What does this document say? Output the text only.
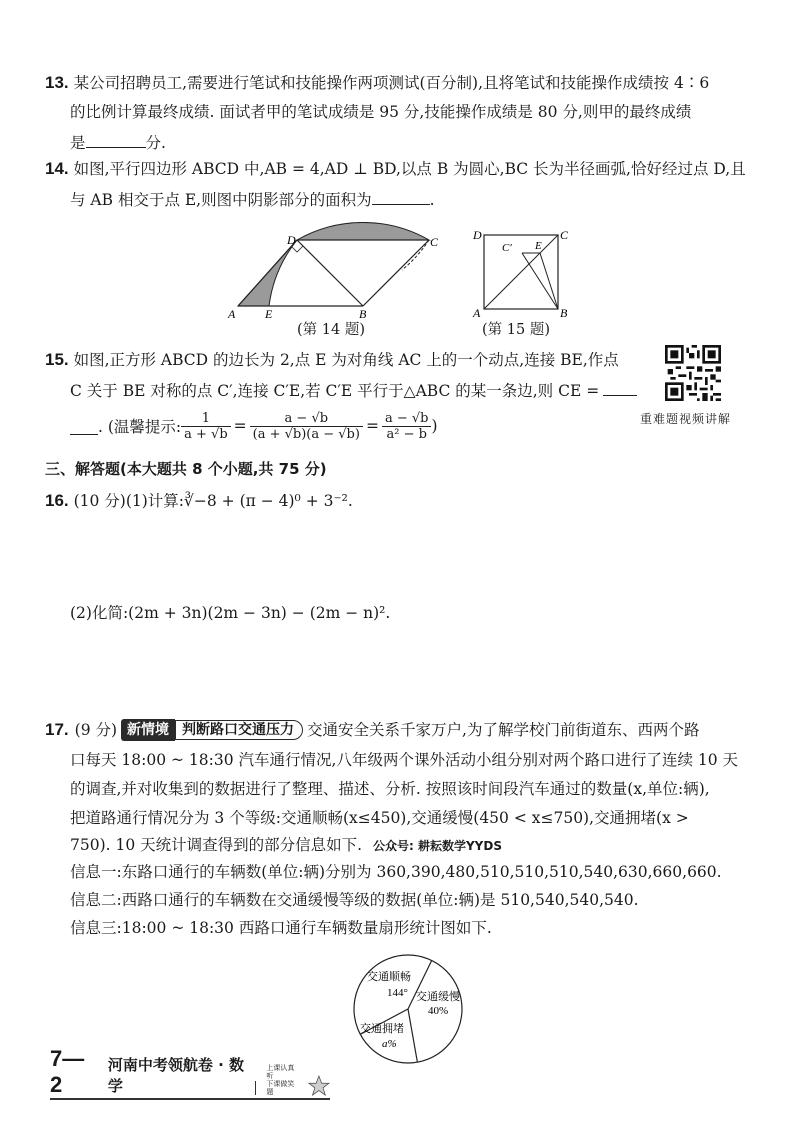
13. 某公司招聘员工,需要进行笔试和技能操作两项测试(百分制),且将笔试和技能操作成绩按 4∶6
的比例计算最终成绩. 面试者甲的笔试成绩是 95 分,技能操作成绩是 80 分,则甲的最终成绩
是	分.
14. 如图,平行四边形 ABCD 中,AB = 4,AD ⊥ BD,以点 B 为圆心,BC 长为半径画弧,恰好经过点 D,且
与 AB 相交于点 E,则图中阴影部分的面积为	.
A E	B
C
D
(第 14 题)
D	C
A	B
E
C′
(第 15 题)
15. 如图,正方形 ABCD 的边长为 2,点 E 为对角线 AC 上的一个动点,连接 BE,作点
C 关于 BE 对称的点 C′,连接 C′E,若 C′E 平行于△ABC 的某一条边,则 CE =
. (温馨提示: $\frac{1}{a + √b} = \frac{a - √b}{(a + √b)(a - √b)} = \frac{a - √b}{\text{a² − b}}$ )	重难题视频讲解
三、解答题(本大题共 8 个小题,共 75 分)
16. (10 分)(1)计算:∛−8 + (π − 4)⁰ + 3⁻².
(2)化简:(2m + 3n)(2m − 3n) − (2m − n)².
17. (9 分) 新情境 判断路口交通压力 交通安全关系千家万户,为了解学校门前街道东、西两个路
口每天 18:00 ~ 18:30 汽车通行情况,八年级两个课外活动小组分别对两个路口进行了连续 10 天
的调查,并对收集到的数据进行了整理、描述、分析. 按照该时间段汽车通过的数量(x,单位:辆),
把道路通行情况分为 3 个等级:交通顺畅(x≤450),交通缓慢(450 < x≤750),交通拥堵(x >
750). 10 天统计调查得到的部分信息如下. 公众号: 耕耘数学YYDS
信息一:东路口通行的车辆数(单位:辆)分别为 360,390,480,510,510,510,540,630,660,660.
信息二:西路口通行的车辆数在交通缓慢等级的数据(单位:辆)是 510,540,540,540.
信息三:18:00 ~ 18:30 西路口通行车辆数量扇形统计图如下.
交通顺畅
144° 交通缓慢
40%
交通拥堵
a%
7— 2
河南中考领航卷 · 数学
上课认真听
下课做笑题
